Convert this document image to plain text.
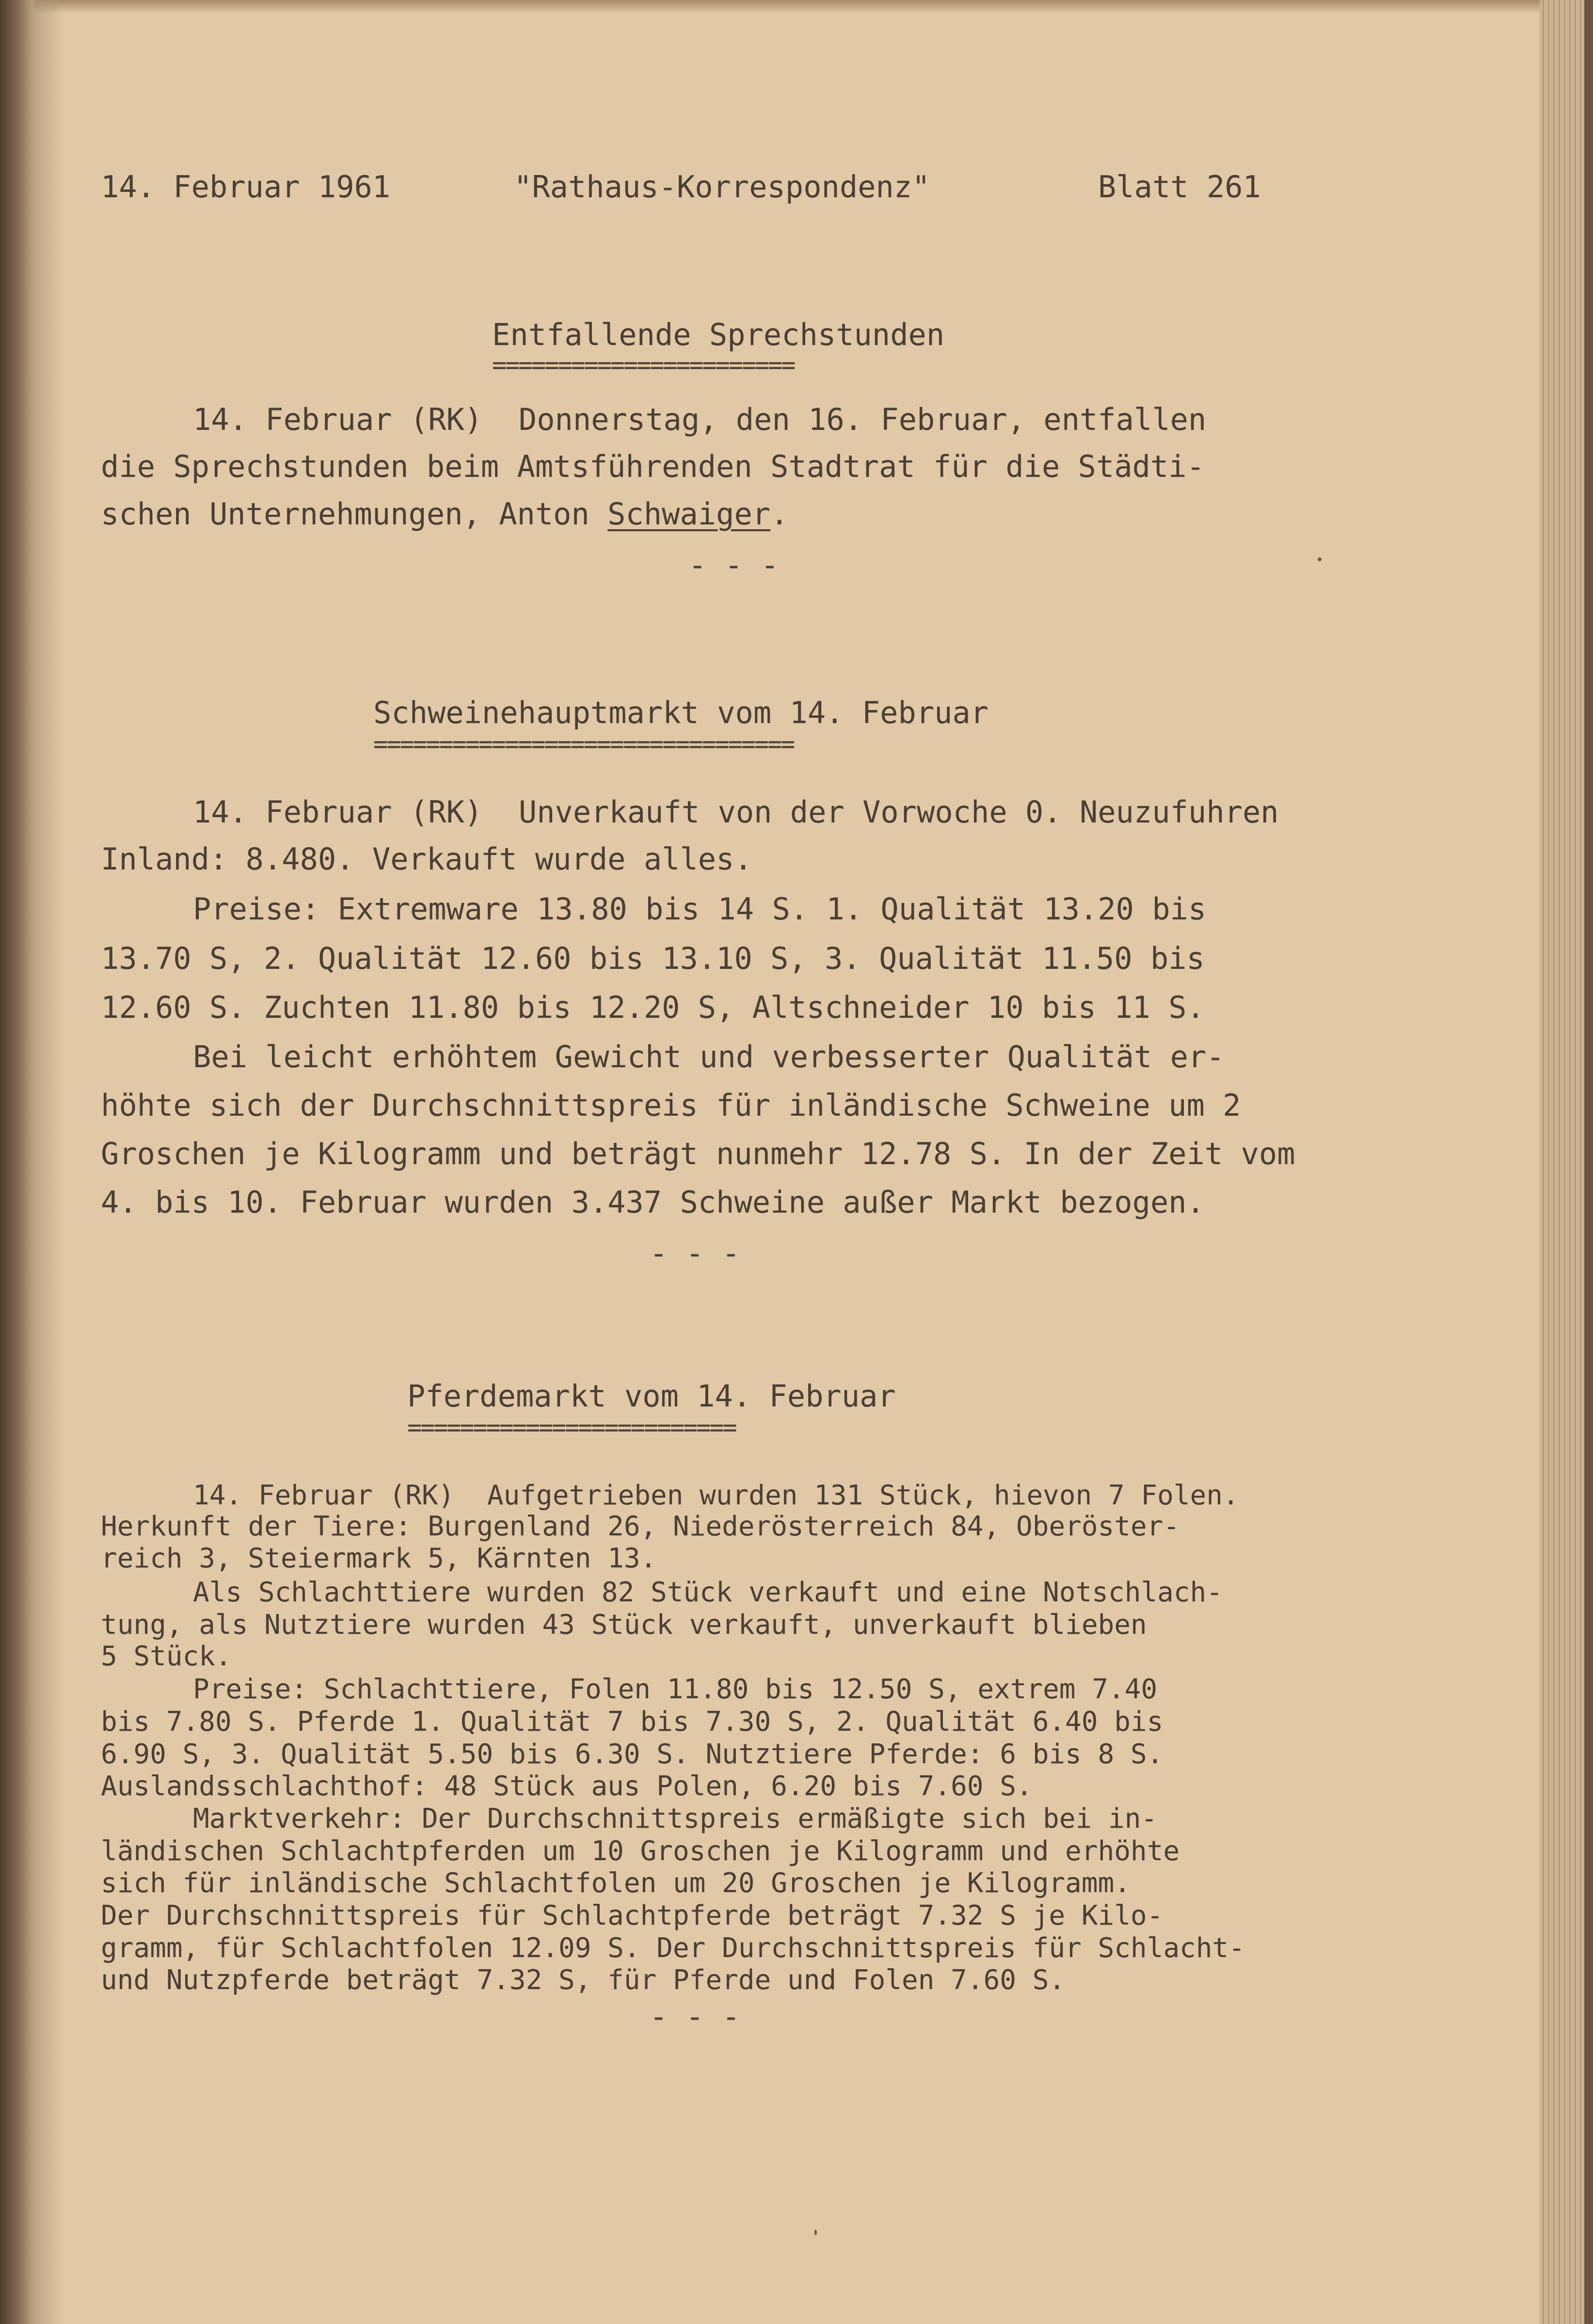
14. Februar 1961	"Rathaus-Korrespondenz"	Blatt 261
Entfallende Sprechstunden
=======================
14. Februar (RK)  Donnerstag, den 16. Februar, entfallen
die Sprechstunden beim Amtsführenden Stadtrat für die Städti-
schen Unternehmungen, Anton Schwaiger.
- - -
Schweinehauptmarkt vom 14. Februar
================================
14. Februar (RK)  Unverkauft von der Vorwoche 0. Neuzufuhren
Inland: 8.480. Verkauft wurde alles.
Preise: Extremware 13.80 bis 14 S. 1. Qualität 13.20 bis
13.70 S, 2. Qualität 12.60 bis 13.10 S, 3. Qualität 11.50 bis
12.60 S. Zuchten 11.80 bis 12.20 S, Altschneider 10 bis 11 S.
Bei leicht erhöhtem Gewicht und verbesserter Qualität er-
höhte sich der Durchschnittspreis für inländische Schweine um 2
Groschen je Kilogramm und beträgt nunmehr 12.78 S. In der Zeit vom
4. bis 10. Februar wurden 3.437 Schweine außer Markt bezogen.
- - -
Pferdemarkt vom 14. Februar
=========================
14. Februar (RK)  Aufgetrieben wurden 131 Stück, hievon 7 Folen.
Herkunft der Tiere: Burgenland 26, Niederösterreich 84, Oberöster-
reich 3, Steiermark 5, Kärnten 13.
Als Schlachttiere wurden 82 Stück verkauft und eine Notschlach-
tung, als Nutztiere wurden 43 Stück verkauft, unverkauft blieben
5 Stück.
Preise: Schlachttiere, Folen 11.80 bis 12.50 S, extrem 7.40
bis 7.80 S. Pferde 1. Qualität 7 bis 7.30 S, 2. Qualität 6.40 bis
6.90 S, 3. Qualität 5.50 bis 6.30 S. Nutztiere Pferde: 6 bis 8 S.
Auslandsschlachthof: 48 Stück aus Polen, 6.20 bis 7.60 S.
Marktverkehr: Der Durchschnittspreis ermäßigte sich bei in-
ländischen Schlachtpferden um 10 Groschen je Kilogramm und erhöhte
sich für inländische Schlachtfolen um 20 Groschen je Kilogramm.
Der Durchschnittspreis für Schlachtpferde beträgt 7.32 S je Kilo-
gramm, für Schlachtfolen 12.09 S. Der Durchschnittspreis für Schlacht-
und Nutzpferde beträgt 7.32 S, für Pferde und Folen 7.60 S.
- - -
